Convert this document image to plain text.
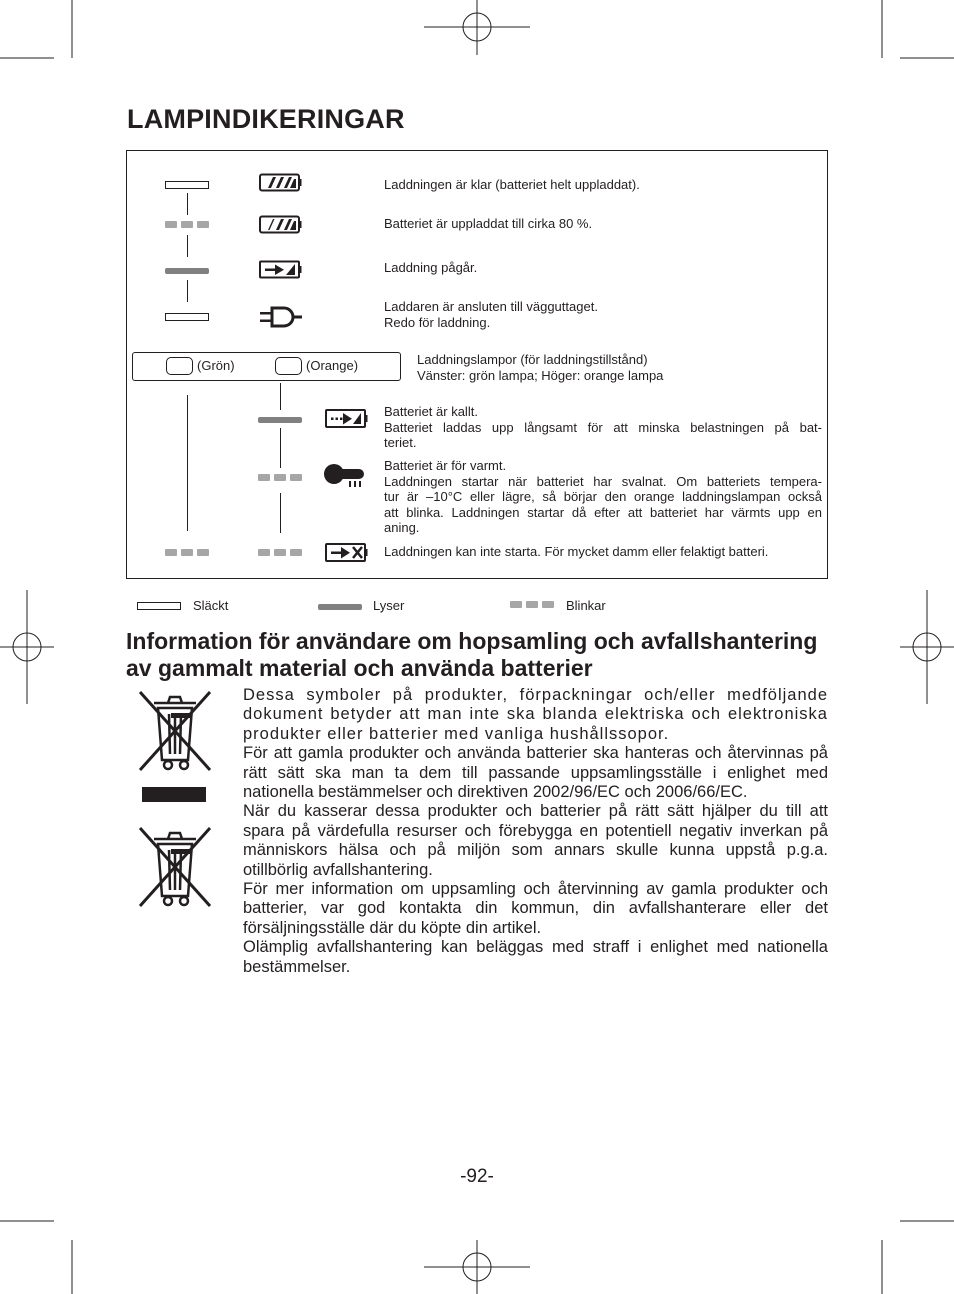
LAMPINDIKERINGAR
Laddningen är klar (batteriet helt uppladdat).
Batteriet är uppladdat till cirka 80 %.
Laddning pågår.
Laddaren är ansluten till vägguttaget.
Redo för laddning.
(Grön)	(Orange)	Laddningslampor (för laddningstillstånd)
Vänster: grön lampa; Höger: orange lampa
Batteriet är kallt.
Batteriet laddas upp långsamt för att minska belastningen på bat-
teriet.
Batteriet är för varmt.
Laddningen startar när batteriet har svalnat. Om batteriets tempera-
tur är –10°C eller lägre, så börjar den orange laddningslampan också
att blinka. Laddningen startar då efter att batteriet har värmts upp en
aning.
Laddningen kan inte starta. För mycket damm eller felaktigt batteri.
Släckt	Lyser	Blinkar
Information för användare om hopsamling och avfallshantering
av gammalt material och använda batterier

Dessa symboler på produkter, förpackningar och/eller medföljande dokument betyder att man inte ska blanda elektriska och elektroniska produkter eller batterier med vanliga hushållssopor.

För att gamla produkter och använda batterier ska hanteras och återvinnas på rätt sätt ska man ta dem till passande uppsamlingsställe i enlighet med nationella bestämmelser och direktiven 2002/96/EC och 2006/66/EC.

När du kasserar dessa produkter och batterier på rätt sätt hjälper du till att spara på värdefulla resurser och förebygga en potentiell negativ inverkan på människors hälsa och på miljön som annars skulle kunna uppstå p.g.a. otillbörlig avfallshantering.

För mer information om uppsamling och återvinning av gamla produkter och batterier, var god kontakta din kommun, din avfallshanterare eller det försäljningsställe där du köpte din artikel.

Olämplig avfallshantering kan beläggas med straff i enlighet med nationella bestämmelser.

-92-
